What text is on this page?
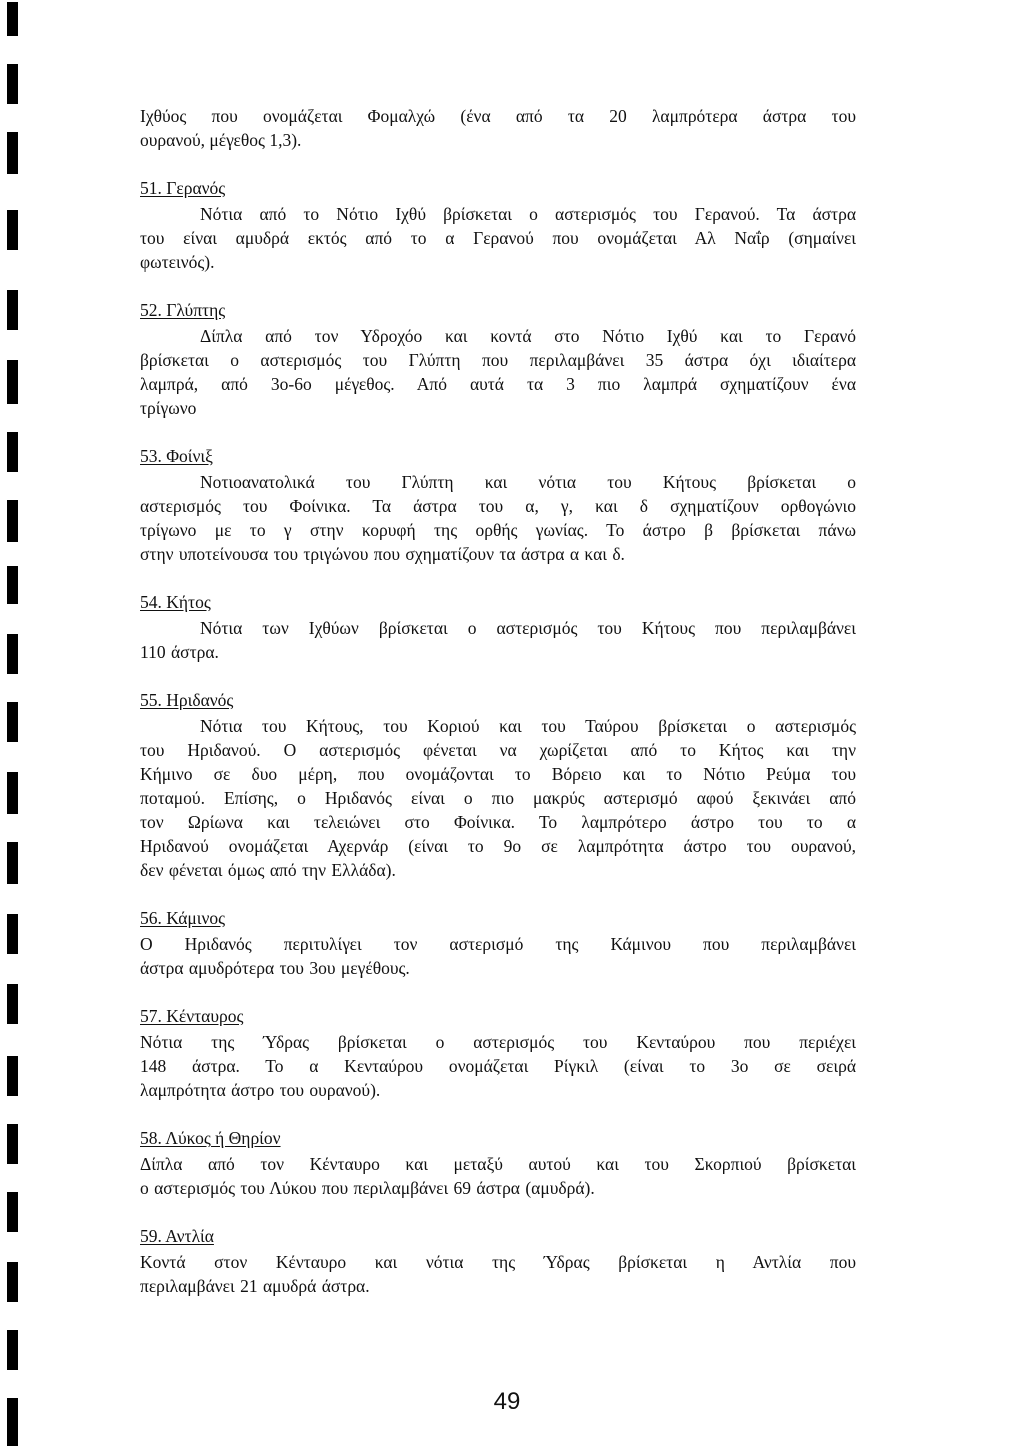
Ιχθύος που ονομάζεται Φομαλχώ (ένα από τα 20 λαμπρότερα άστρα του
ουρανού, μέγεθος 1,3).
51. Γερανός
Νότια από το Νότιο Ιχθύ βρίσκεται ο αστερισμός του Γερανού. Τα άστρα
του είναι αμυδρά εκτός από το α Γερανού που ονομάζεται Αλ Ναΐρ (σημαίνει
φωτεινός).
52. Γλύπτης
Δίπλα από τον Υδροχόο και κοντά στο Νότιο Ιχθύ και το Γερανό
βρίσκεται ο αστερισμός του Γλύπτη που περιλαμβάνει 35 άστρα όχι ιδιαίτερα
λαμπρά, από 3ο-6ο μέγεθος. Από αυτά τα 3 πιο λαμπρά σχηματίζουν ένα
τρίγωνο
53. Φοίνιξ
Νοτιοανατολικά του Γλύπτη και νότια του Κήτους βρίσκεται ο
αστερισμός του Φοίνικα. Τα άστρα του α, γ, και δ σχηματίζουν ορθογώνιο
τρίγωνο με το γ στην κορυφή της ορθής γωνίας. Το άστρο β βρίσκεται πάνω
στην υποτείνουσα του τριγώνου που σχηματίζουν τα άστρα α και δ.
54. Κήτος
Νότια των Ιχθύων βρίσκεται ο αστερισμός του Κήτους που περιλαμβάνει
110 άστρα.
55. Ηριδανός
Νότια του Κήτους, του Κοριού και του Ταύρου βρίσκεται ο αστερισμός
του Ηριδανού. Ο αστερισμός φένεται να χωρίζεται από το Κήτος και την
Κήμινο σε δυο μέρη, που ονομάζονται το Βόρειο και το Νότιο Ρεύμα του
ποταμού. Επίσης, ο Ηριδανός είναι ο πιο μακρύς αστερισμό αφού ξεκινάει από
τον Ωρίωνα και τελειώνει στο Φοίνικα. Το λαμπρότερο άστρο του το α
Ηριδανού ονομάζεται Αχερνάρ (είναι το 9ο σε λαμπρότητα άστρο του ουρανού,
δεν φένεται όμως από την Ελλάδα).
56. Κάμινος
Ο Ηριδανός περιτυλίγει τον αστερισμό της Κάμινου που περιλαμβάνει
άστρα αμυδρότερα του 3ου μεγέθους.
57. Κένταυρος
Νότια της Ύδρας βρίσκεται ο αστερισμός του Κενταύρου που περιέχει
148 άστρα. Το α Κενταύρου ονομάζεται Ρίγκιλ (είναι το 3ο σε σειρά
λαμπρότητα άστρο του ουρανού).
58. Λύκος ή Θηρίον
Δίπλα από τον Κένταυρο και μεταξύ αυτού και του Σκορπιού βρίσκεται
ο αστερισμός του Λύκου που περιλαμβάνει 69 άστρα (αμυδρά).
59. Αντλία
Κοντά στον Κένταυρο και νότια της Ύδρας βρίσκεται η Αντλία που
περιλαμβάνει 21 αμυδρά άστρα.
49
